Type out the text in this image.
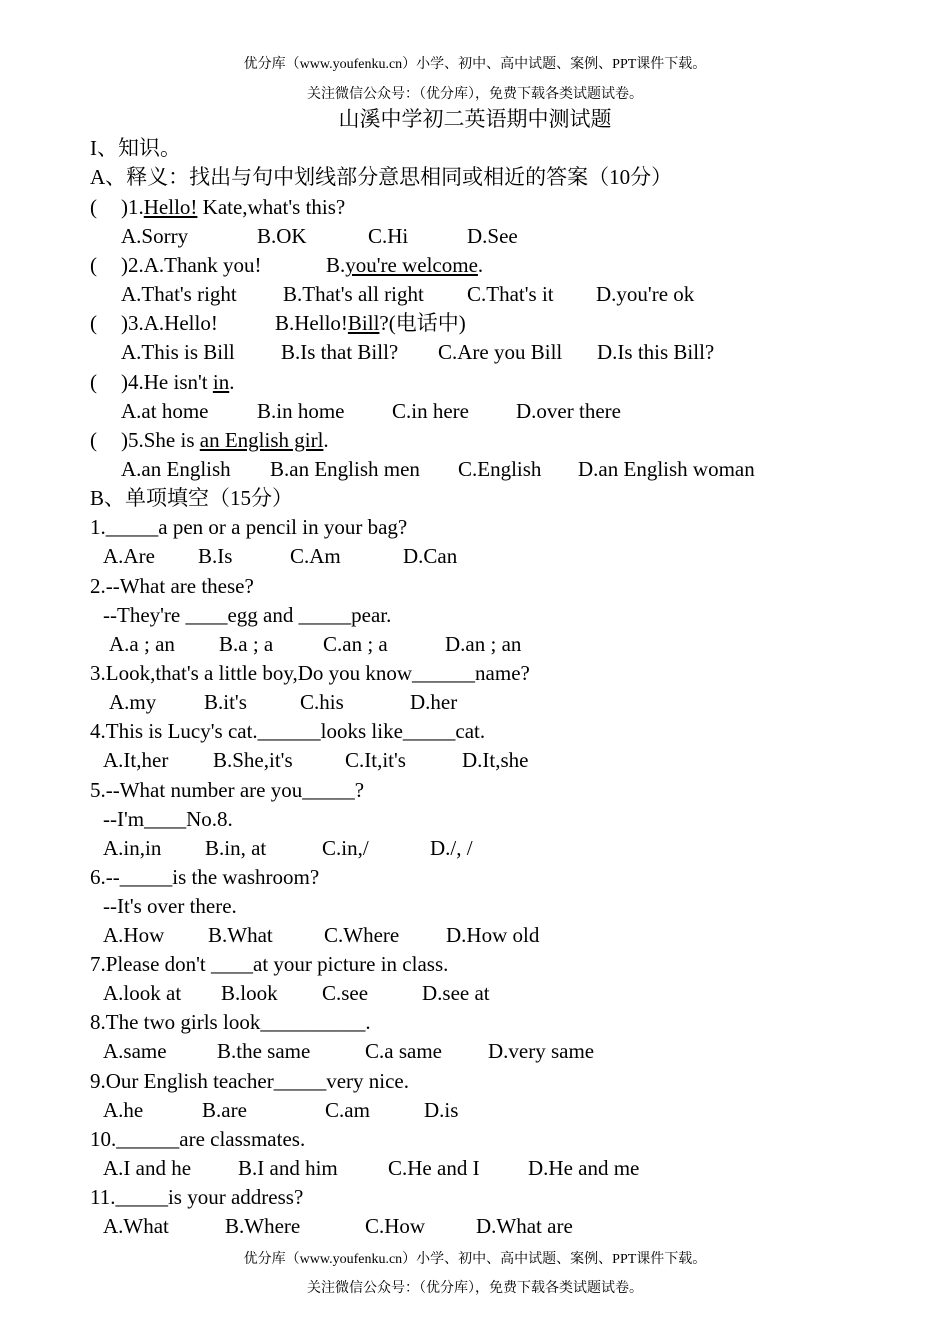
优分库（www.youfenku.cn）小学、初中、高中试题、案例、PPT课件下载。
关注微信公众号：（优分库），免费下载各类试题试卷。
山溪中学初二英语期中测试题
I、知识。
A、释义：找出与句中划线部分意思相同或相近的答案（10分）
( )1.Hello! Kate,what's this?
A.Sorry	B.OK	C.Hi	D.See
( )2.A.Thank you!	B.you're welcome.
A.That's right B.That's all right C.That's it D.you're ok
( )3.A.Hello!	B.Hello!Bill?(电话中)
A.This is Bill B.Is that Bill? C.Are you Bill D.Is this Bill?
( )4.He isn't in.
A.at home B.in home C.in here D.over there
( )5.She is an English girl.
A.an English B.an English men C.English D.an English woman
B、单项填空（15分）
1._____a pen or a pencil in your bag?
A.Are B.Is	C.Am	D.Can
2.--What are these?
--They're ____egg and _____pear.
A.a ; an B.a ; a C.an ; a	D.an ; an
3.Look,that's a little boy,Do you know______name?
A.my B.it's	C.his	D.her
4.This is Lucy's cat.______looks like_____cat.
A.It,her B.She,it's C.It,it's	D.It,she
5.--What number are you_____?
--I'm____No.8.
A.in,in B.in, at	C.in,/	D./, /
6.--_____is the washroom?
--It's over there.
A.How B.What C.Where D.How old
7.Please don't ____at your picture in class.
A.look at B.look C.see	D.see at
8.The two girls look__________.
A.same B.the same	C.a same D.very same
9.Our English teacher_____very nice.
A.he	B.are	C.am	D.is
10.______are classmates.
A.I and he B.I and him C.He and I D.He and me
11._____is your address?
A.What	B.Where	C.How D.What are
优分库（www.youfenku.cn）小学、初中、高中试题、案例、PPT课件下载。
关注微信公众号：（优分库），免费下载各类试题试卷。
